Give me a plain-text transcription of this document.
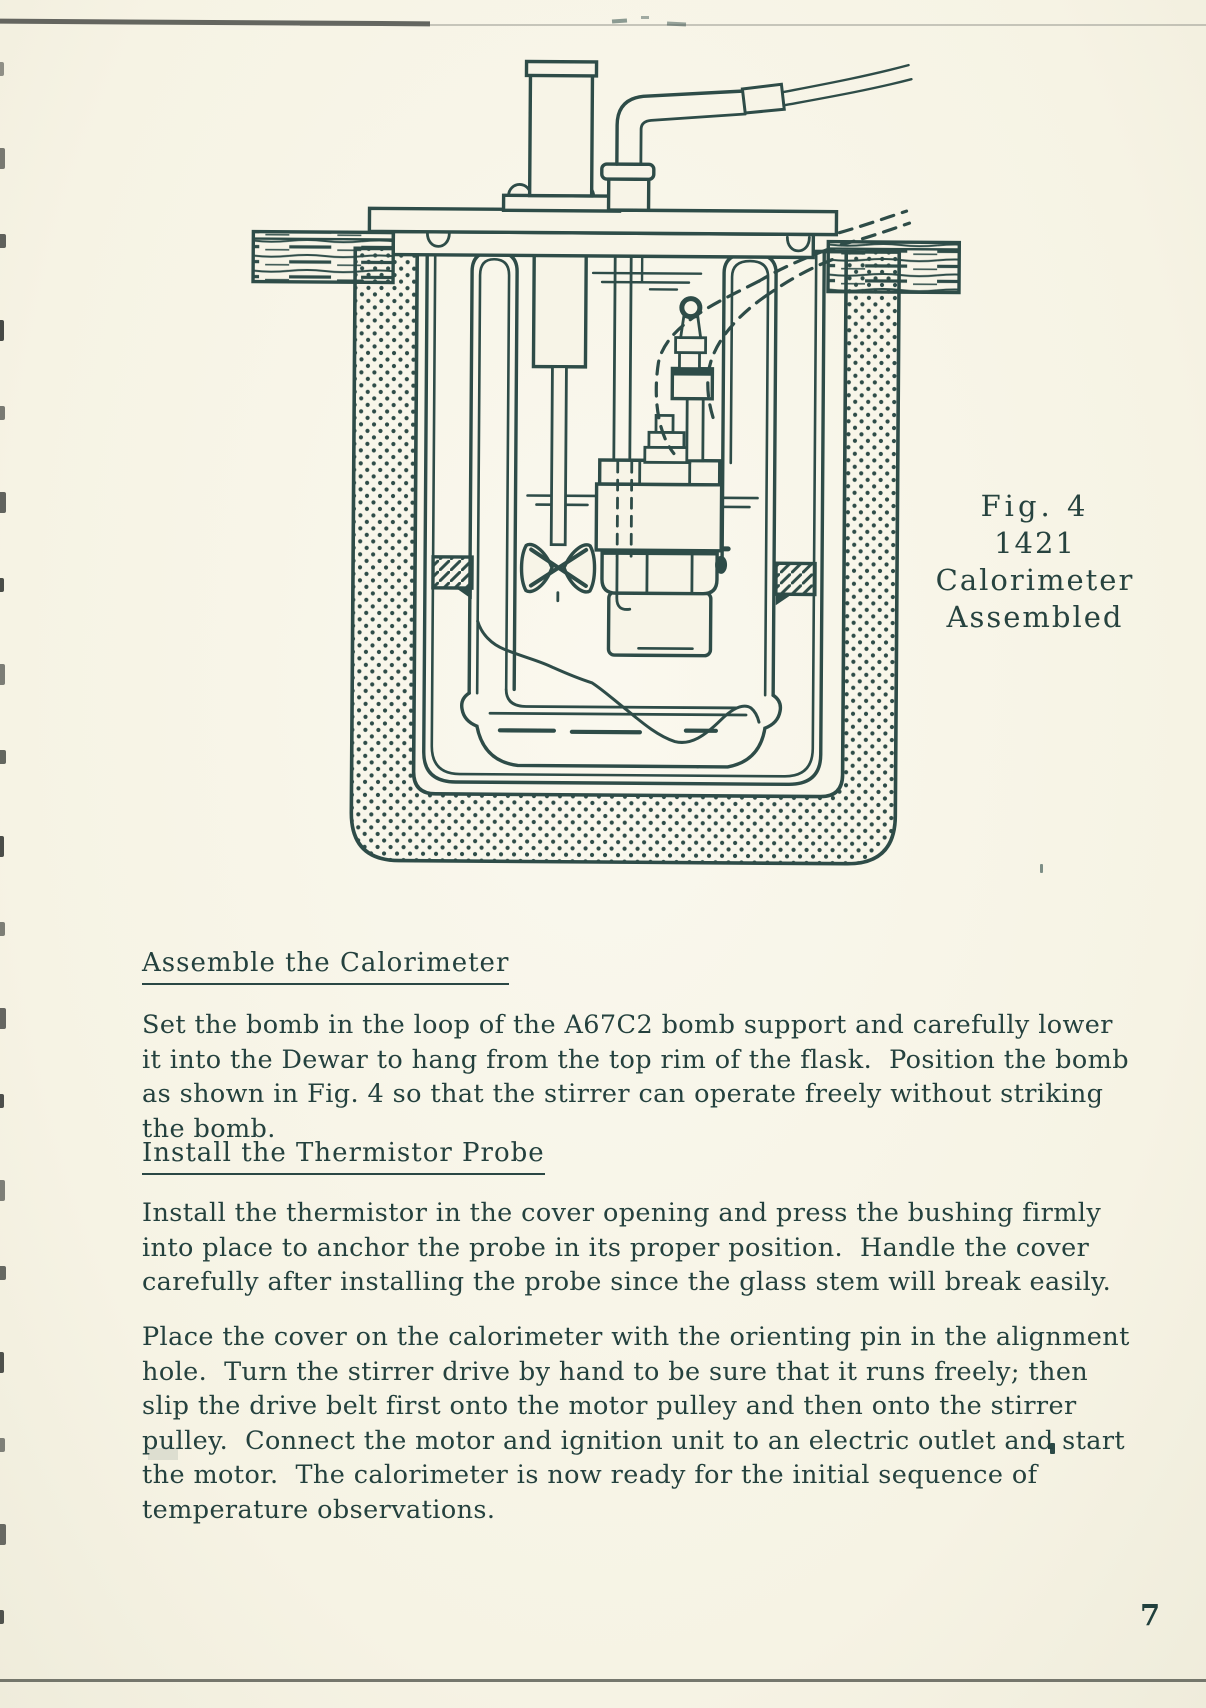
Fig. 4
1421 Calorimeter
Assembled
Assemble the Calorimeter
Set the bomb in the loop of the A67C2 bomb support and carefully lower
it into the Dewar to hang from the top rim of the flask.  Position the bomb
as shown in Fig. 4 so that the stirrer can operate freely without striking
the bomb.
Install the Thermistor Probe
Install the thermistor in the cover opening and press the bushing firmly
into place to anchor the probe in its proper position.  Handle the cover
carefully after installing the probe since the glass stem will break easily.
Place the cover on the calorimeter with the orienting pin in the alignment
hole.  Turn the stirrer drive by hand to be sure that it runs freely; then
slip the drive belt first onto the motor pulley and then onto the stirrer
pulley.  Connect the motor and ignition unit to an electric outlet and start
the motor.  The calorimeter is now ready for the initial sequence of
temperature observations.
7
